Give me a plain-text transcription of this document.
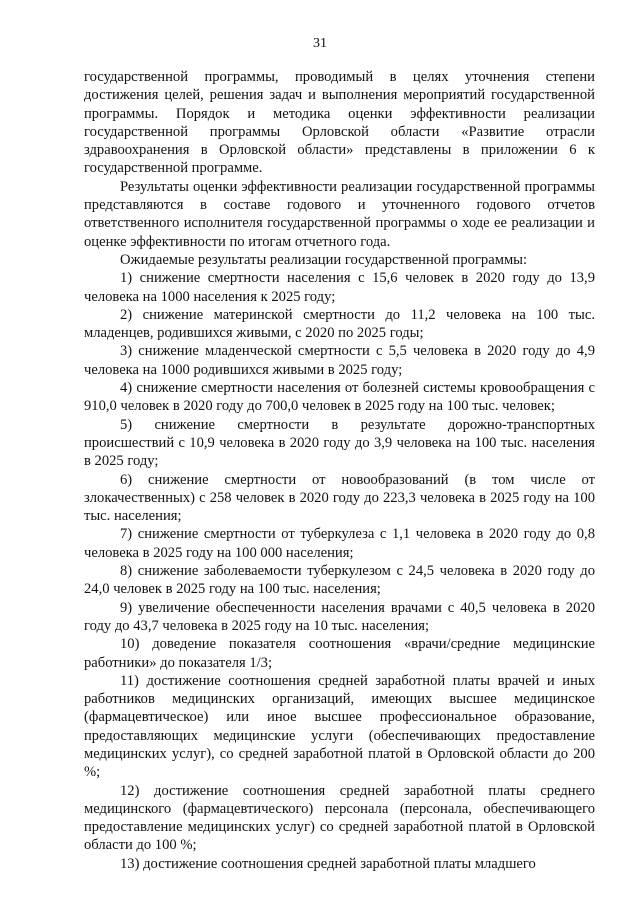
31

государственной программы, проводимый в целях уточнения степени достижения целей, решения задач и выполнения мероприятий государственной программы. Порядок и методика оценки эффективности реализации государственной программы Орловской области «Развитие отрасли здравоохранения в Орловской области» представлены в приложении 6 к государственной программе.

Результаты оценки эффективности реализации государственной программы представляются в составе годового и уточненного годового отчетов ответственного исполнителя государственной программы о ходе ее реализации и оценке эффективности по итогам отчетного года.

Ожидаемые результаты реализации государственной программы:

1) снижение смертности населения с 15,6 человек в 2020 году до 13,9 человека на 1000 населения к 2025 году;

2) снижение материнской смертности до 11,2 человека на 100 тыс. младенцев, родившихся живыми, с 2020 по 2025 годы;

3) снижение младенческой смертности с 5,5 человека в 2020 году до 4,9 человека на 1000 родившихся живыми в 2025 году;

4) снижение смертности населения от болезней системы кровообращения с 910,0 человек в 2020 году до 700,0 человек в 2025 году на 100 тыс. человек;

5) снижение смертности в результате дорожно-транспортных происшествий с 10,9 человека в 2020 году до 3,9 человека на 100 тыс. населения в 2025 году;

6) снижение смертности от новообразований (в том числе от злокачественных) с 258 человек в 2020 году до 223,3 человека в 2025 году на 100 тыс. населения;

7) снижение смертности от туберкулеза с 1,1 человека в 2020 году до 0,8 человека в 2025 году на 100 000 населения;

8) снижение заболеваемости туберкулезом с 24,5 человека в 2020 году до 24,0 человек в 2025 году на 100 тыс. населения;

9) увеличение обеспеченности населения врачами с 40,5 человека в 2020 году до 43,7 человека в 2025 году на 10 тыс. населения;

10) доведение показателя соотношения «врачи/средние медицинские работники» до показателя 1/3;

11) достижение соотношения средней заработной платы врачей и иных работников медицинских организаций, имеющих высшее медицинское (фармацевтическое) или иное высшее профессиональное образование, предоставляющих медицинские услуги (обеспечивающих предоставление медицинских услуг), со средней заработной платой в Орловской области до 200 %;

12) достижение соотношения средней заработной платы среднего медицинского (фармацевтического) персонала (персонала, обеспечивающего предоставление медицинских услуг) со средней заработной платой в Орловской области до 100 %;

13) достижение соотношения средней заработной платы младшего
